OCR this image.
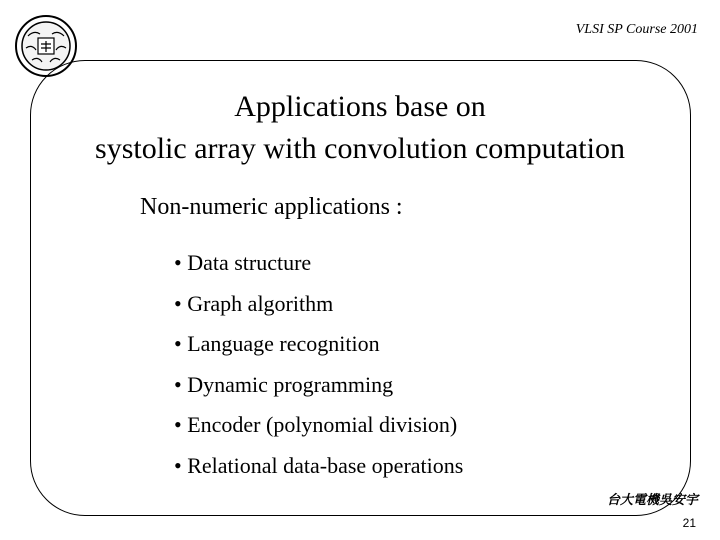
VLSI SP Course 2001
Applications base on
systolic array with convolution computation
Non-numeric applications :
• Data structure
• Graph algorithm
• Language recognition
• Dynamic programming
• Encoder (polynomial division)
• Relational data-base operations
台大電機吳安宇
21
